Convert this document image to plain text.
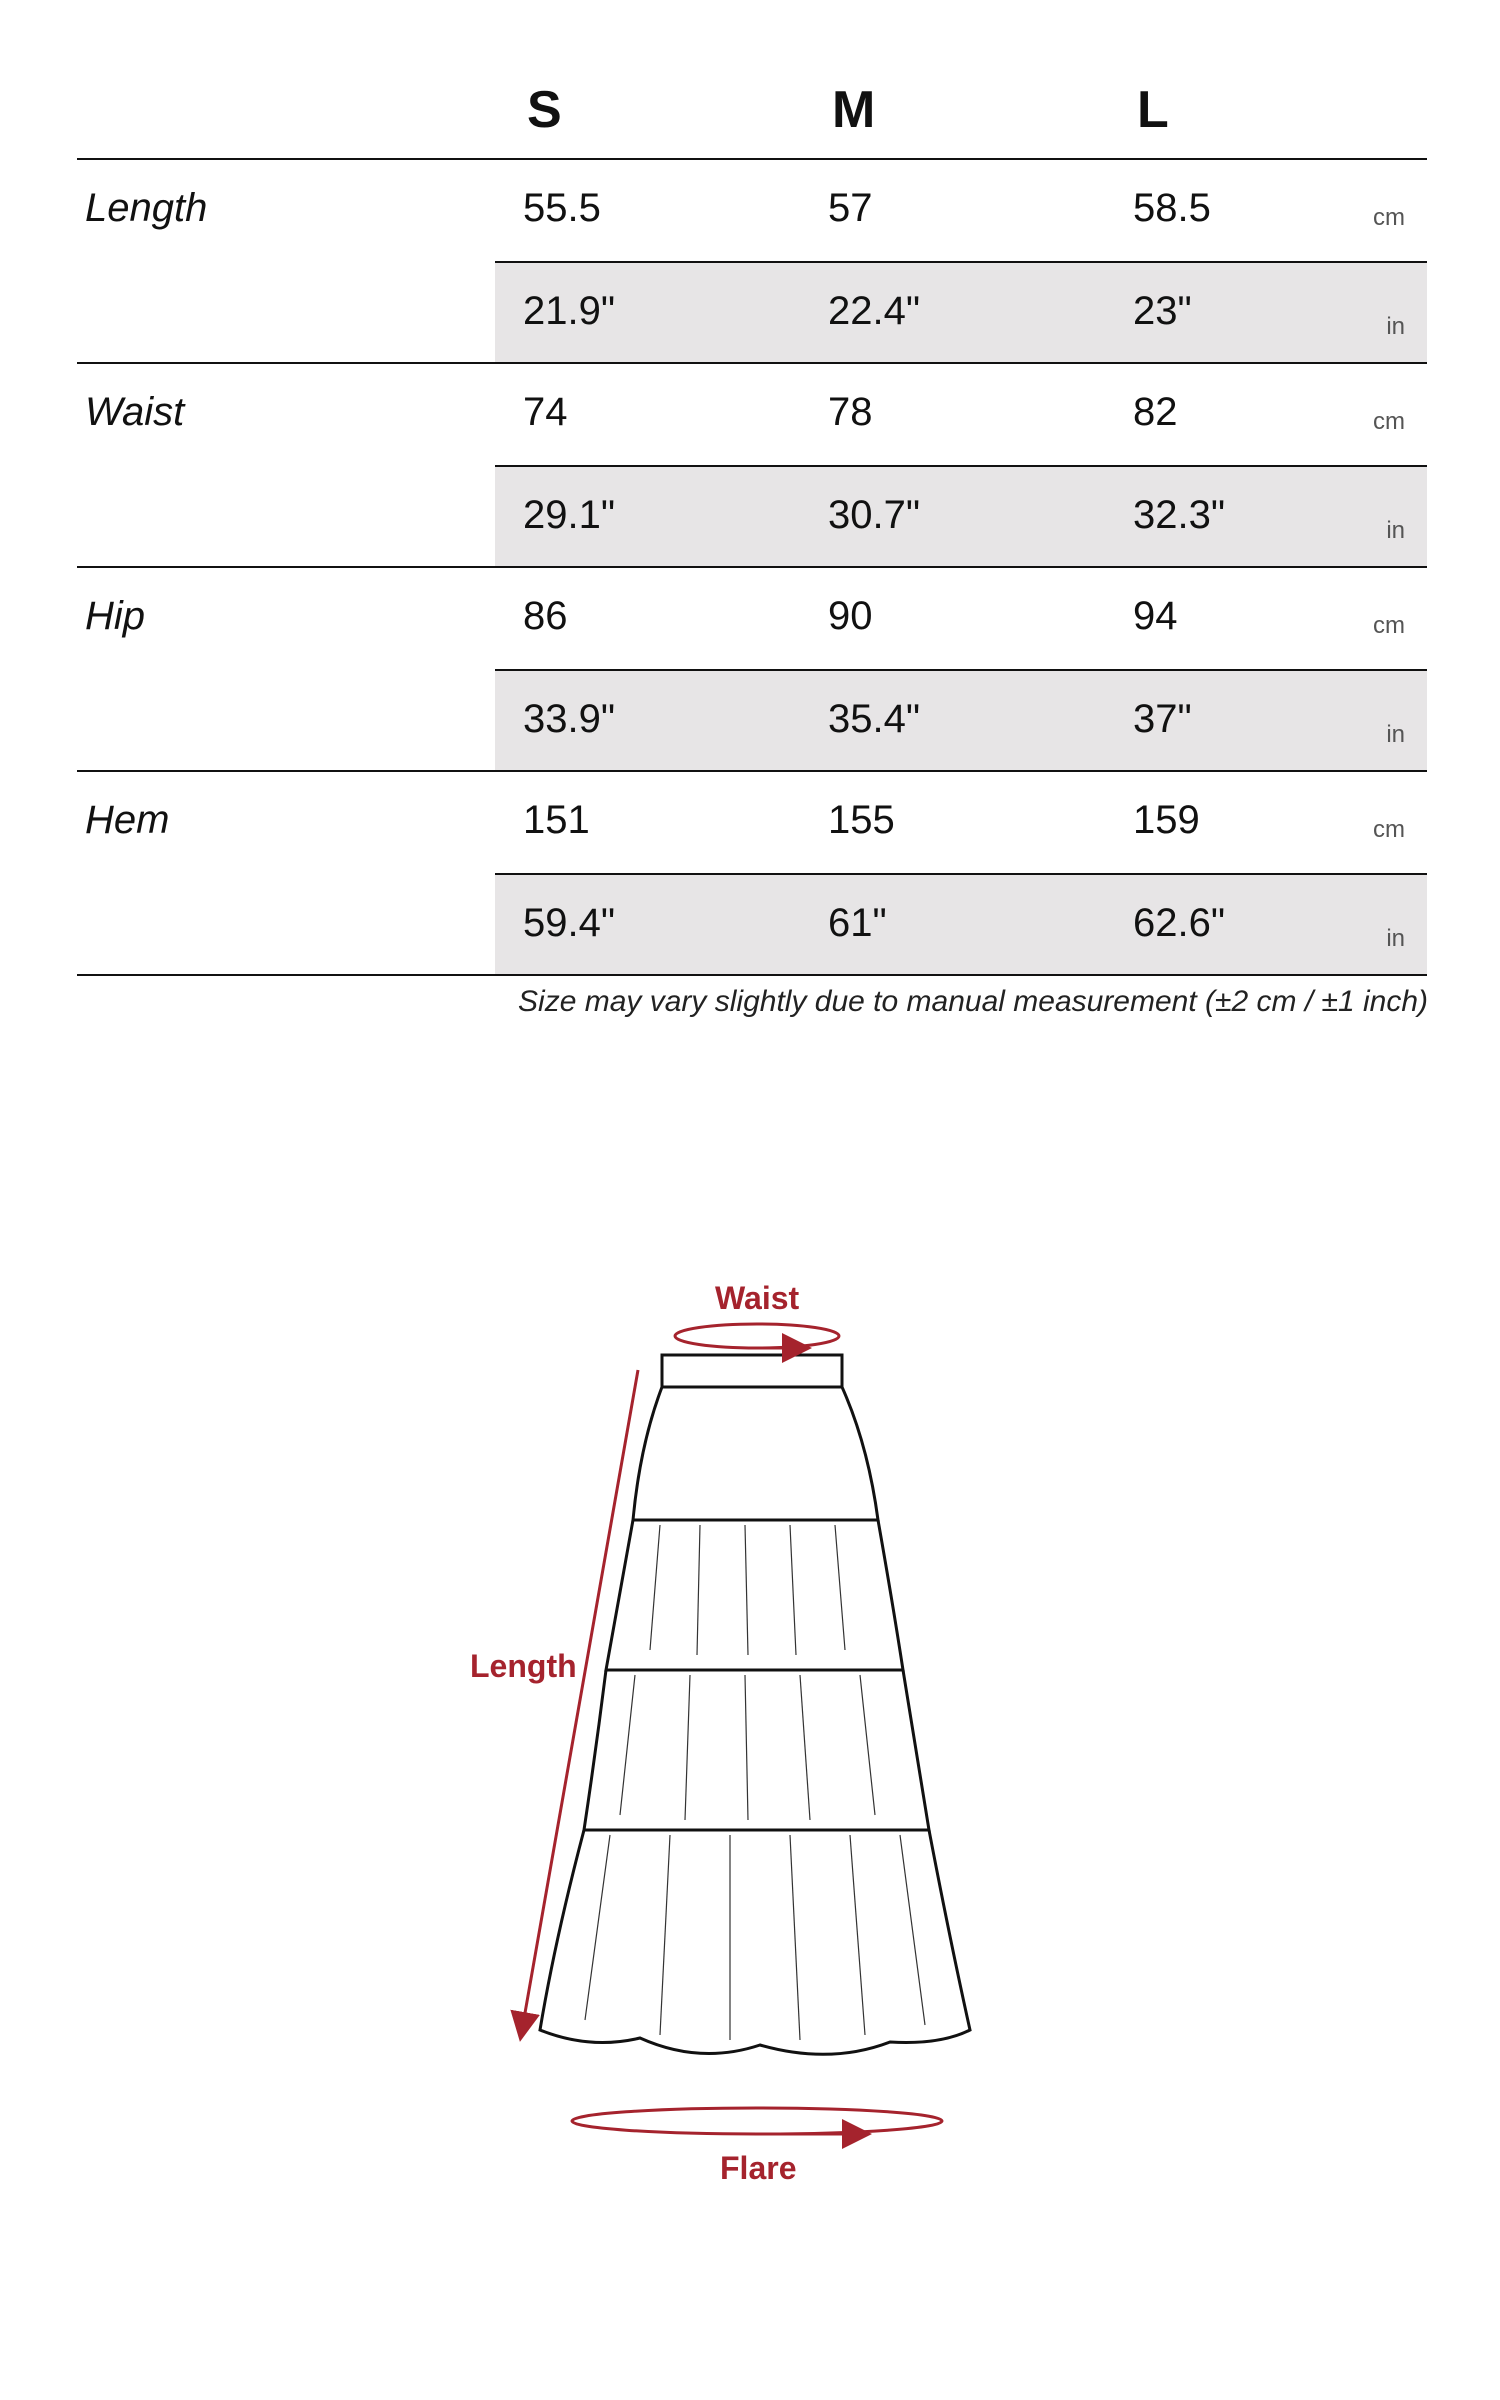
S	M	L
Length	55.5	57	58.5	cm
21.9"	22.4"	23"	in
Waist	74	78	82	cm
29.1"	30.7"	32.3"	in
Hip	86	90	94	cm
33.9"	35.4"	37"	in
Hem	151	155	159	cm
59.4"	61"	62.6"	in
Size may vary slightly due to manual measurement (±2 cm / ±1 inch)
Waist
Length
Flare
